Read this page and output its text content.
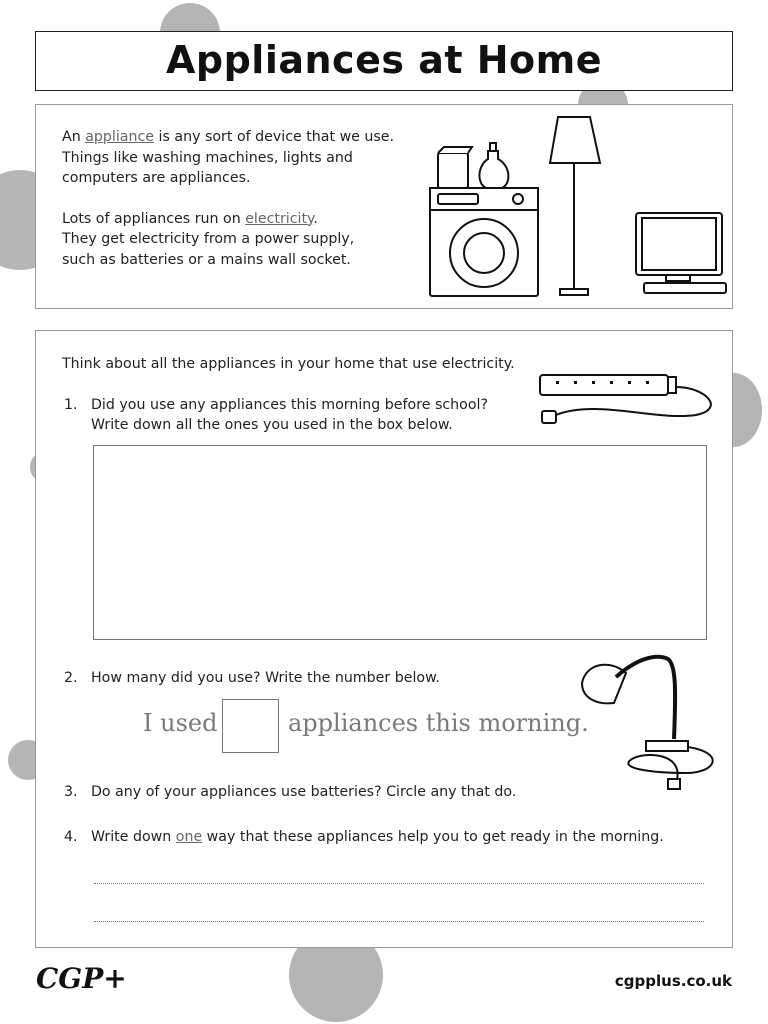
Appliances at Home

An appliance is any sort of device that we use.
Things like washing machines, lights and
computers are appliances.

Lots of appliances run on electricity.
They get electricity from a power supply,
such as batteries or a mains wall socket.

Think about all the appliances in your home that use electricity.
1. Did you use any appliances this morning before school?
Write down all the ones you used in the box below.
2. How many did you use? Write the number below.
I used	appliances this morning.
3. Do any of your appliances use batteries? Circle any that do.
4. Write down one way that these appliances help you to get ready in the morning.
CGP+	cgpplus.co.uk
